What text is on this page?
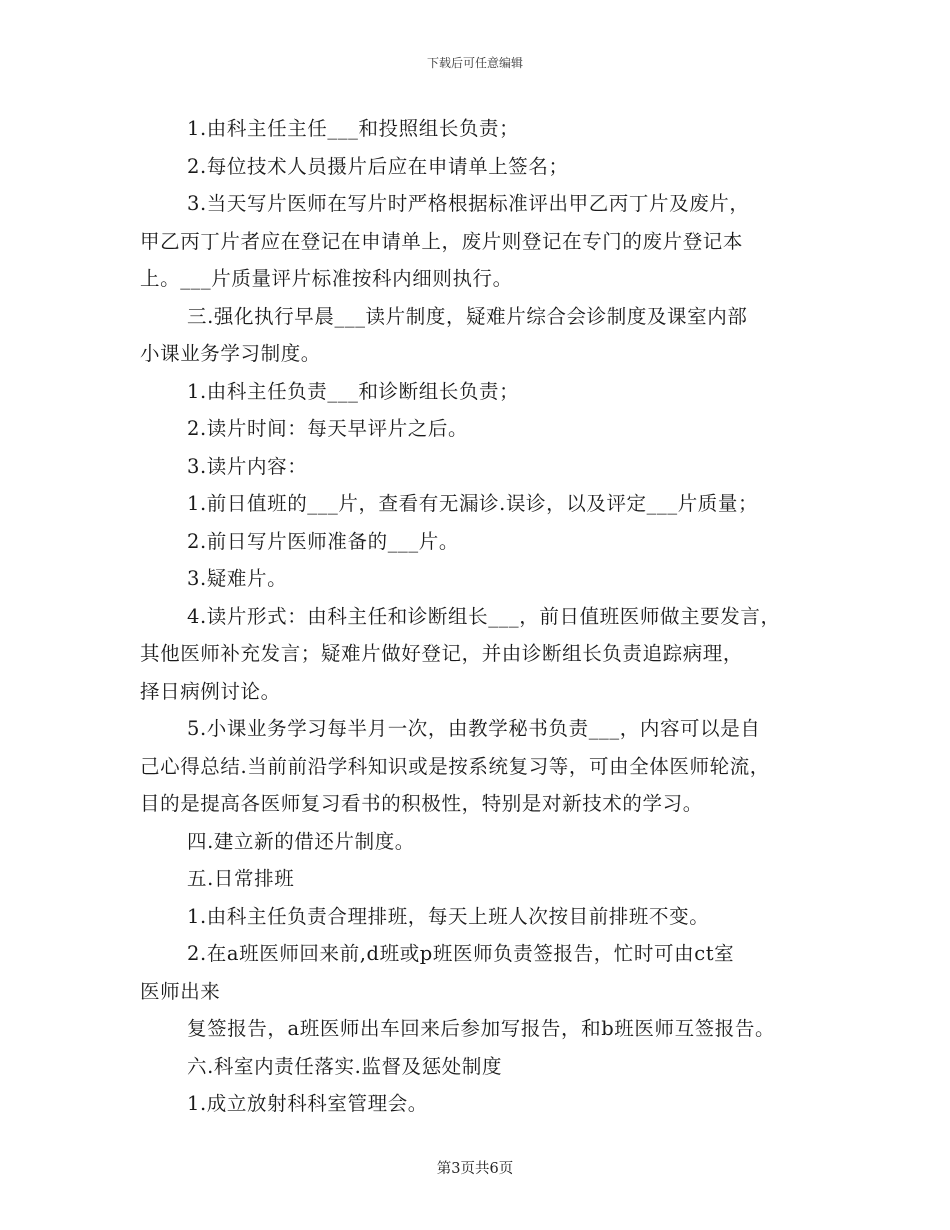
下载后可任意编辑
1.由科主任主任___和投照组长负责；
2.每位技术人员摄片后应在申请单上签名；
3.当天写片医师在写片时严格根据标准评出甲乙丙丁片及废片，
甲乙丙丁片者应在登记在申请单上，废片则登记在专门的废片登记本
上。___片质量评片标准按科内细则执行。
三.强化执行早晨___读片制度，疑难片综合会诊制度及课室内部
小课业务学习制度。
1.由科主任负责___和诊断组长负责；
2.读片时间：每天早评片之后。
3.读片内容：
1.前日值班的___片，查看有无漏诊.误诊，以及评定___片质量；
2.前日写片医师准备的___片。
3.疑难片。
4.读片形式：由科主任和诊断组长___，前日值班医师做主要发言，
其他医师补充发言；疑难片做好登记，并由诊断组长负责追踪病理，
择日病例讨论。
5.小课业务学习每半月一次，由教学秘书负责___，内容可以是自
己心得总结.当前前沿学科知识或是按系统复习等，可由全体医师轮流，
目的是提高各医师复习看书的积极性，特别是对新技术的学习。
四.建立新的借还片制度。
五.日常排班
1.由科主任负责合理排班，每天上班人次按目前排班不变。
2.在a班医师回来前,d班或p班医师负责签报告，忙时可由ct室
医师出来
复签报告，a班医师出车回来后参加写报告，和b班医师互签报告。
六.科室内责任落实.监督及惩处制度
1.成立放射科科室管理会。
第3页共6页
